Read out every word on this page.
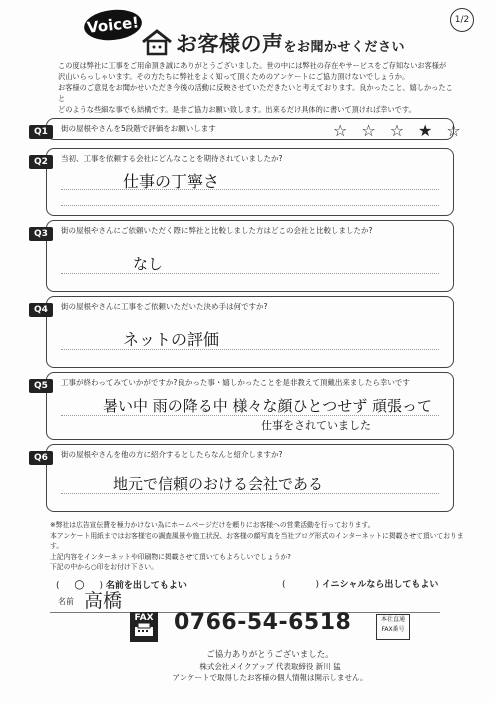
1/2
Voice!
お客様の声をお聞かせください
この度は弊社に工事をご用命頂き誠にありがとうございました。世の中には弊社の存在やサービスをご存知ないお客様が
沢山いらっしゃいます。その方たちに弊社をよく知って頂くためのアンケートにご協力頂けないでしょうか。
お客様のご意見をお聞かせいただき今後の活動に反映させていただきたいと考えております。良かったこと、嬉しかったこと
どのような些細な事でも結構です。是非ご協力お願い致します。出来るだけ具体的に書いて頂ければ幸いです。
Q1	街の屋根やさんを5段階で評価をお願いします	☆☆☆★☆
Q2	当初、工事を依頼する会社にどんなことを期待されていましたか?
仕事の丁寧さ
Q3	街の屋根やさんにご依頼いただく際に弊社と比較しました方はどこの会社と比較しましたか?
なし
Q4	街の屋根やさんに工事をご依頼いただいた決め手は何ですか?
ネットの評価
Q5	工事が終わってみていかがですか?良かった事・嬉しかったことを是非教えて頂戴出来ましたら幸いです
暑い中 雨の降る中 様々な顔ひとつせず 頑張って
仕事をされていました
Q6	街の屋根やさんを他の方に紹介するとしたらなんと紹介しますか?
地元で信頼のおける会社である
※弊社は広告宣伝費を極力かけない為にホームページだけを頼りにお客様への営業活動を行っております。
本アンケート用紙まではお客様宅の調査風景や施工状況、お客様の顔写真を当社ブログ形式のインターネットに掲載させて頂いております。
上記内容をインターネットや印刷物に掲載させて頂いてもよろしいでしょうか?
下記の中から○印をお付け下さい。
( ○ ) 名前を出してもよい	(	) イニシャルなら出してもよい
名前 高橋
FAX 0766-54-6518	本社直通 FAX番号
ご協力ありがとうございました。
株式会社メイクアップ 代表取締役 新川 猛
アンケートで取得したお客様の個人情報は開示しません。
